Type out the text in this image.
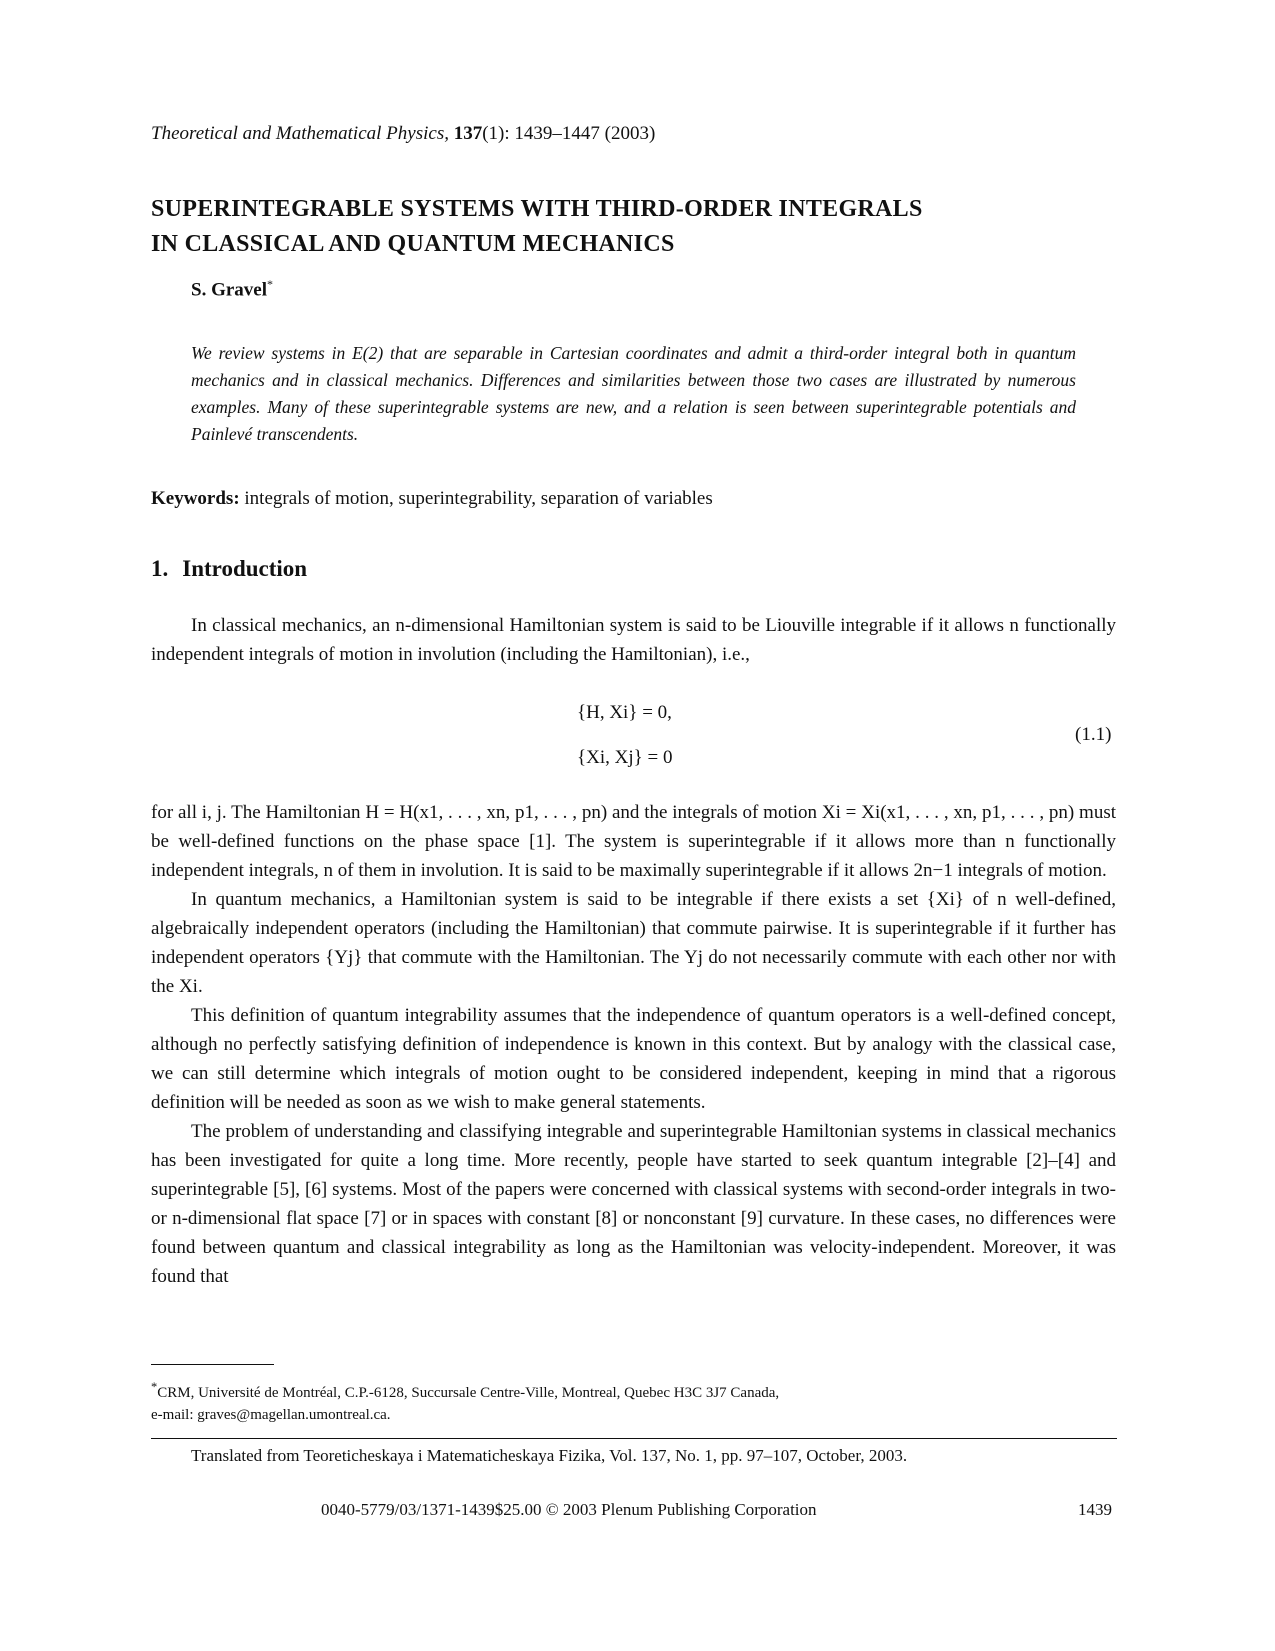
Theoretical and Mathematical Physics, 137(1): 1439–1447 (2003)
SUPERINTEGRABLE SYSTEMS WITH THIRD-ORDER INTEGRALS
IN CLASSICAL AND QUANTUM MECHANICS
S. Gravel*
We review systems in E(2) that are separable in Cartesian coordinates and admit a third-order integral both in quantum mechanics and in classical mechanics. Differences and similarities between those two cases are illustrated by numerous examples. Many of these superintegrable systems are new, and a relation is seen between superintegrable potentials and Painlevé transcendents.
Keywords: integrals of motion, superintegrability, separation of variables
1. Introduction

In classical mechanics, an n-dimensional Hamiltonian system is said to be Liouville integrable if it allows n functionally independent integrals of motion in involution (including the Hamiltonian), i.e.,

{H, Xi} = 0,
{Xi, Xj} = 0
(1.1)

for all i, j. The Hamiltonian H = H(x1, . . . , xn, p1, . . . , pn) and the integrals of motion Xi = Xi(x1, . . . , xn, p1, . . . , pn) must be well-defined functions on the phase space [1]. The system is superintegrable if it allows more than n functionally independent integrals, n of them in involution. It is said to be maximally superintegrable if it allows 2n−1 integrals of motion.

In quantum mechanics, a Hamiltonian system is said to be integrable if there exists a set {Xi} of n well-defined, algebraically independent operators (including the Hamiltonian) that commute pairwise. It is superintegrable if it further has independent operators {Yj} that commute with the Hamiltonian. The Yj do not necessarily commute with each other nor with the Xi.

This definition of quantum integrability assumes that the independence of quantum operators is a well-defined concept, although no perfectly satisfying definition of independence is known in this context. But by analogy with the classical case, we can still determine which integrals of motion ought to be considered independent, keeping in mind that a rigorous definition will be needed as soon as we wish to make general statements.

The problem of understanding and classifying integrable and superintegrable Hamiltonian systems in classical mechanics has been investigated for quite a long time. More recently, people have started to seek quantum integrable [2]–[4] and superintegrable [5], [6] systems. Most of the papers were concerned with classical systems with second-order integrals in two- or n-dimensional flat space [7] or in spaces with constant [8] or nonconstant [9] curvature. In these cases, no differences were found between quantum and classical integrability as long as the Hamiltonian was velocity-independent. Moreover, it was found that

*CRM, Université de Montréal, C.P.-6128, Succursale Centre-Ville, Montreal, Quebec H3C 3J7 Canada,
e-mail: graves@magellan.umontreal.ca.
Translated from Teoreticheskaya i Matematicheskaya Fizika, Vol. 137, No. 1, pp. 97–107, October, 2003.
0040-5779/03/1371-1439$25.00 © 2003 Plenum Publishing Corporation	1439
